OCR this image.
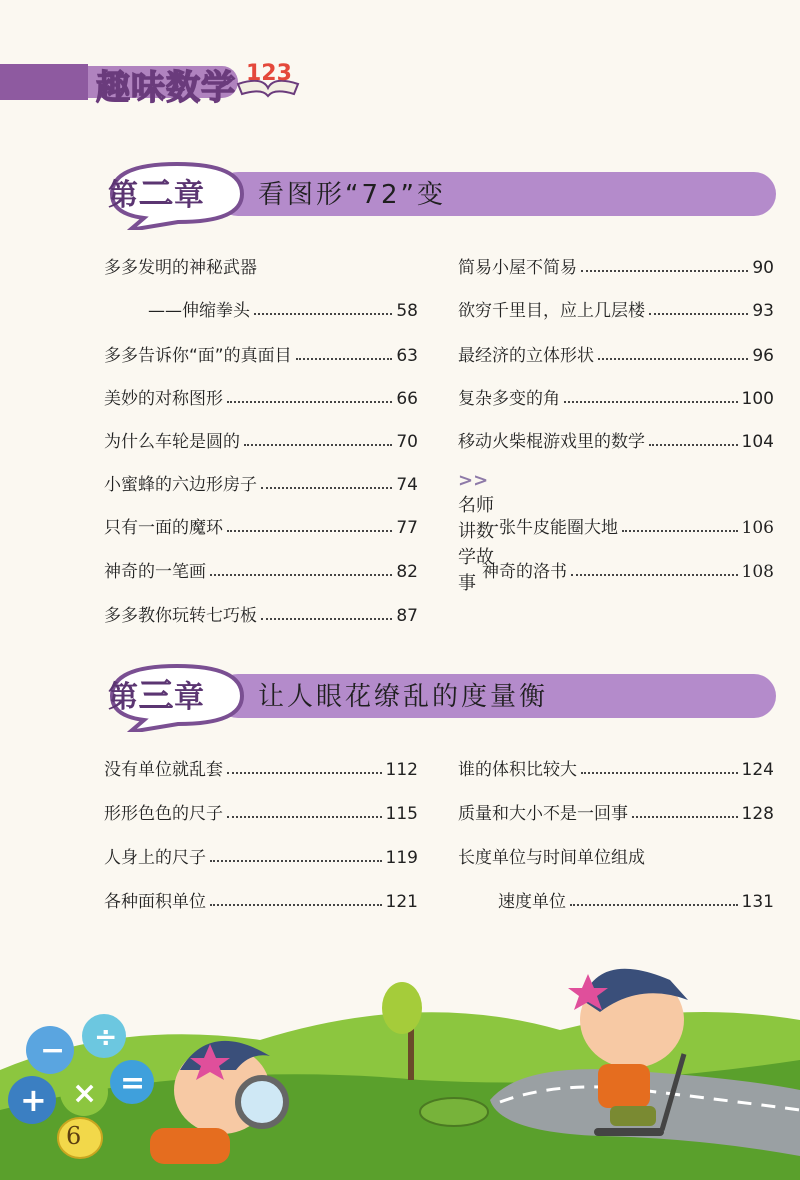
趣味数学 123
第二章 看图形“72”变
多多发明的神秘武器
——伸缩拳头	58
多多告诉你“面”的真面目	63
美妙的对称图形	66
为什么车轮是圆的	70
小蜜蜂的六边形房子	74
只有一面的魔环	77
神奇的一笔画	82
多多教你玩转七巧板	87
简易小屋不简易	90
欲穷千里目，应上几层楼	93
最经济的立体形状	96
复杂多变的角	100
移动火柴棍游戏里的数学	104
>>名师讲数学故事
一张牛皮能圈大地	106
神奇的洛书	108
第三章 让人眼花缭乱的度量衡
没有单位就乱套	112
形形色色的尺子	115
人身上的尺子	119
各种面积单位	121
谁的体积比较大	124
质量和大小不是一回事	128
长度单位与时间单位组成
速度单位	131
− ÷
+ × =
6
